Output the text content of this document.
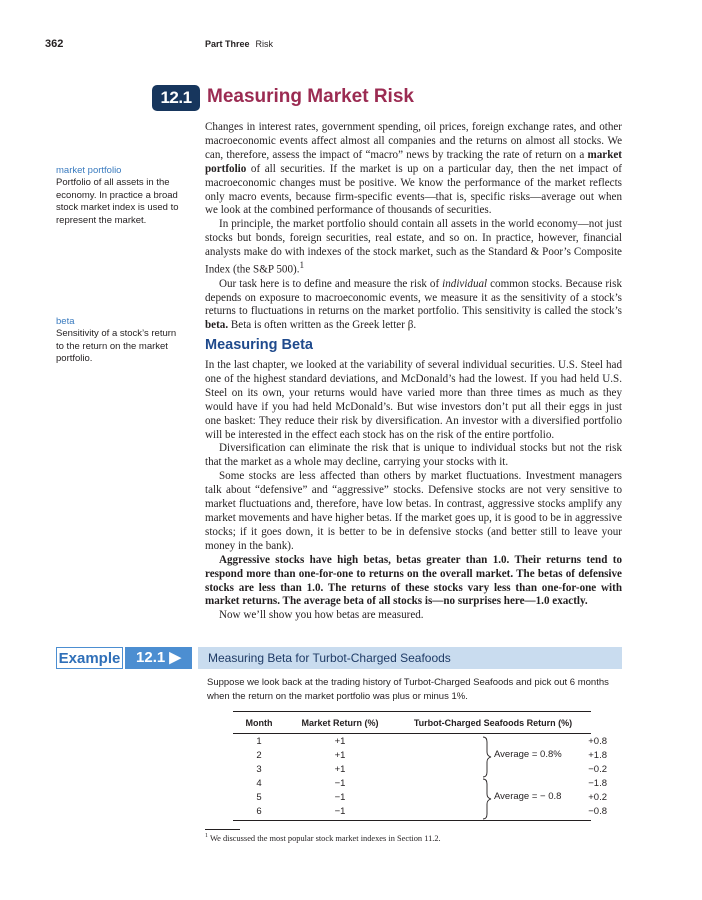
362	Part Three Risk
12.1 Measuring Market Risk
market portfolio
Portfolio of all assets in the economy. In practice a broad stock market index is used to represent the market.
beta
Sensitivity of a stock’s return to the return on the market portfolio.

Changes in interest rates, government spending, oil prices, foreign exchange rates, and other macroeconomic events affect almost all companies and the returns on almost all stocks. We can, therefore, assess the impact of “macro” news by tracking the rate of return on a market portfolio of all securities. If the market is up on a particular day, then the net impact of macroeconomic changes must be positive. We know the performance of the market reflects only macro events, because firm-specific events—that is, specific risks—average out when we look at the combined performance of thousands of securities.

In principle, the market portfolio should contain all assets in the world economy—not just stocks but bonds, foreign securities, real estate, and so on. In practice, however, financial analysts make do with indexes of the stock market, such as the Standard & Poor’s Composite Index (the S&P 500).$^1$

Our task here is to define and measure the risk of individual common stocks. Because risk depends on exposure to macroeconomic events, we measure it as the sensitivity of a stock’s returns to fluctuations in returns on the market portfolio. This sensitivity is called the stock’s beta. Beta is often written as the Greek letter β.

Measuring Beta

In the last chapter, we looked at the variability of several individual securities. U.S. Steel had one of the highest standard deviations, and McDonald’s had the lowest. If you had held U.S. Steel on its own, your returns would have varied more than three times as much as they would have if you had held McDonald’s. But wise investors don’t put all their eggs in just one basket: They reduce their risk by diversification. An investor with a diversified portfolio will be interested in the effect each stock has on the risk of the entire portfolio.

Diversification can eliminate the risk that is unique to individual stocks but not the risk that the market as a whole may decline, carrying your stocks with it.

Some stocks are less affected than others by market fluctuations. Investment managers talk about “defensive” and “aggressive” stocks. Defensive stocks are not very sensitive to market fluctuations and, therefore, have low betas. In contrast, aggressive stocks amplify any market movements and have higher betas. If the market goes up, it is good to be in aggressive stocks; if it goes down, it is better to be in defensive stocks (and better still to leave your money in the bank).

Aggressive stocks have high betas, betas greater than 1.0. Their returns tend to respond more than one-for-one to returns on the overall market. The betas of defensive stocks are less than 1.0. The returns of these stocks vary less than one-for-one with market returns. The average beta of all stocks is—no surprises here—1.0 exactly.

Now we’ll show you how betas are measured.

Example	12.1 ▶	Measuring Beta for Turbot-Charged Seafoods
Suppose we look back at the trading history of Turbot-Charged Seafoods and pick out 6 months when the return on the market portfolio was plus or minus 1%.
Month	Market Return (%)	Turbot-Charged Seafoods Return (%)
1	+1	+0.8
2	+1	+1.8
3	+1	−0.2
4	−1	−1.8
5	−1	+0.2
6	−1	−0.8
Average = 0.8%
Average = − 0.8
$^1$ We discussed the most popular stock market indexes in Section 11.2.
